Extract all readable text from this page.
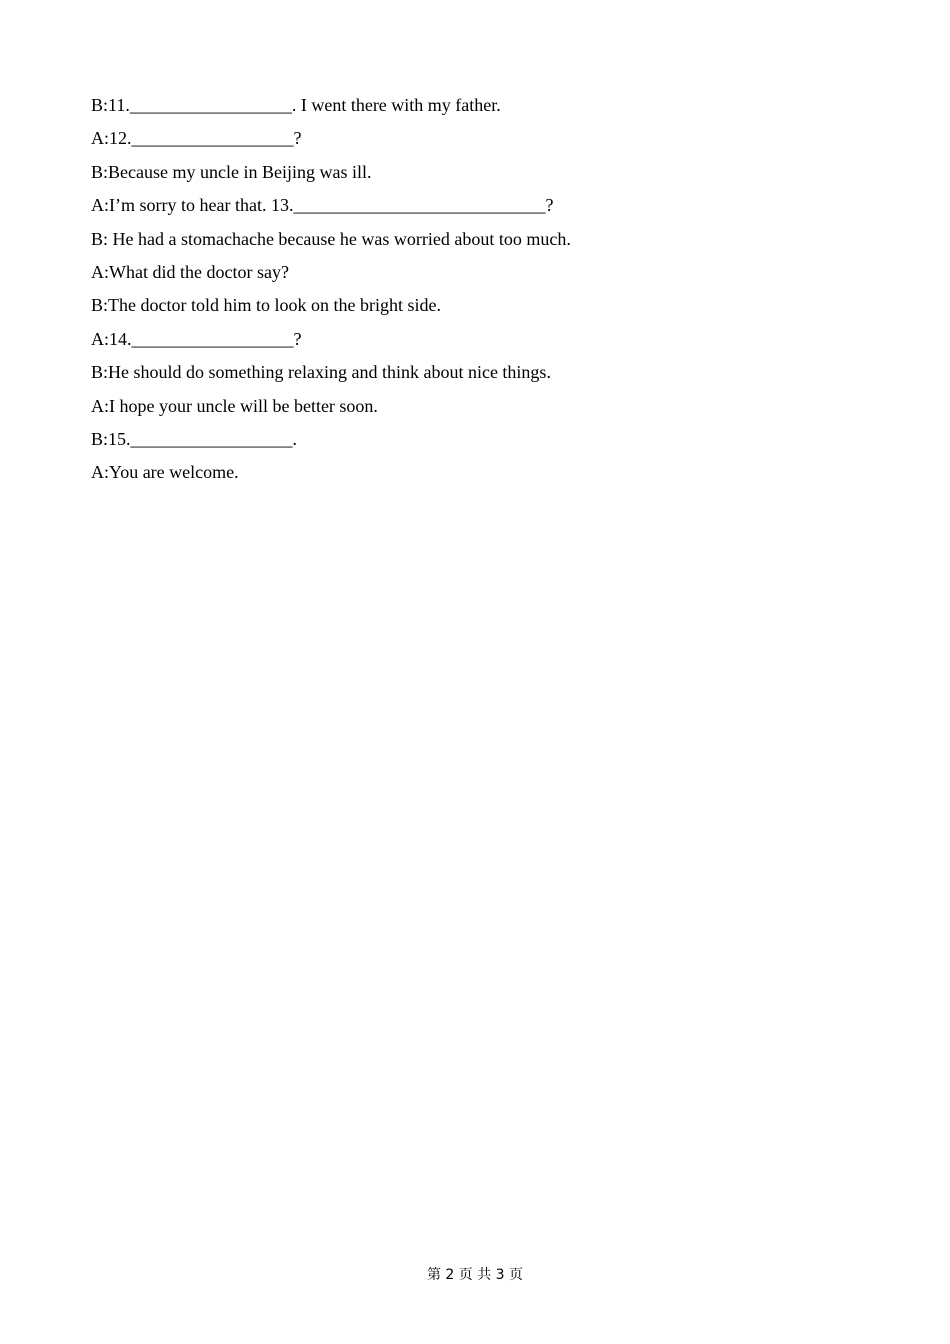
B:11.__________________. I went there with my father.
A:12.__________________?
B:Because my uncle in Beijing was ill.
A:I’m sorry to hear that. 13.____________________________?
B: He had a stomachache because he was worried about too much.
A:What did the doctor say?
B:The doctor told him to look on the bright side.
A:14.__________________?
B:He should do something relaxing and think about nice things.
A:I hope your uncle will be better soon.
B:15.__________________.
A:You are welcome.
第 2 页 共 3 页
